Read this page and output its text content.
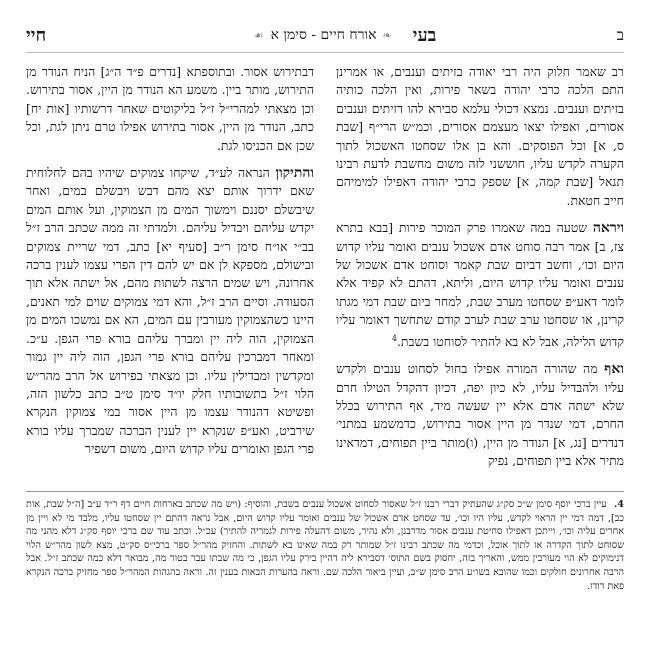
ב
בעי
❧
אורח חיים - סימן א
☙
חיי

רב שאמר חלוק היה רבי יאודה בזיתים וענבים, או אמרינן התם הלכה כרבי יהודה בשאר פירות, ואין הלכה כותיה בזיתים וענבים. נמצא דכולי עלמא סבירא להו דזיתים וענבים אסורים, ואפילו יצאו מעצמם אסורים, וכמ״ש הרי״ף [שבת ס, א] וכל הפוסקים. והא בן אלו שסחטו האשכול לתוך הקערה לקדש עליו, חוששני לזה משום מחשבת לדעת רבינו תנאל [שבת קמה, א] שספק כרבי יהודה דאפילו למימיהם חייב חטאת.

ויראה שטעה במה שאמרו פרק המוכר פירות [בבא בתרא צז, ב] אמר רבה סוחט אדם אשכול ענבים ואומר עליו קדוש היום וכו׳, וחשב דביום שבת קאמר וסוחט אדם אשכול של ענבים ואומר עליו קדוש היום, וליתא, דהתם לא קפיד אלא לומר דאע״פ שסחטו מערב שבת, למחר ביום שבת דמי מגתו קרינן, או שסחטו ערב שבת לערב קודם שתחשך דאומר עליו קדוש הלילה, אבל לא בא להתיר לסוחטו בשבת.$^4$

ואף מה שהורה המורה אפילו בחול לסחוט ענבים ולקדש עליו ולהבדיל עליו, לא כיון יפה, דכיון דהקדל הטילו חרם שלא ישתה אדם אלא יין שעשה מיד, אף התירוש בכלל החרם, דמי שנדר מן היין אסור בתירוש, כדמשמע במתני׳ דנדרים [נג, א] הנודר מן היין, (ו)מותר ביין תפוחים, דמדאינו מתיר אלא ביין תפוחים, נפיק

דבתירוש אסור. ובתוספתא [נדרים פ״ד ה״ג] הניח הנודר מן התירוש, מותר ביין. משמע הא הנודר מן היין, אסור בתירוש. וכן מצאתי למהרי״ל ז״ל בליקוטים שאחר דרשותיו [אות יח] כתב, הנודר מן היין, אסור בתירוש אפילו טרם ניתן לגת, וכל שכן אם הכניסו לגת.

והתיקון הנראה לע״ד, שיקחו צמוקים שיהיו בהם לחלוחית שאם ידרוך אותם יצא מהם דבש ויבשלם במים, ואחר שיבשלם יסננם וימשוך המים מן הצמוקין, ועל אותם המים יקדש עליהם ויבדיל עליהם. ולמדתי זה ממה שכתב הרב ז״ל בב״י או״ח סימן ר״ב [סעיף יא] כתב, דמי שריית צמוקים ובישולם, מספקא לן אם יש להם דין הפרי עצמו לענין ברכה אחרונה, ויש שמים הרצה לשתות מהם, אל ישתה אלא תוך הסעודה. וסיים הרב ז״ל, והא דמי צמוקים שוים למי תאנים, היינו כשהצמוקין מעורבין עם המים, הא אם נמשכו המים מן הצמוקין, הוה ליה יין ומברך עליהם בורא פרי הגפן. ע״כ. ומאחר דמברכין עליהם בורא פרי הגפן, הוה ליה יין גמור ומקדשין ומבדילין עליו. וכן מצאתי בפירוש אל הרב מהר״ש הלוי ז״ל בתשובותיו חלק יו״ד סימן ט״ב כתב כלשון הזה, ופשיטא דהנודר עצמו מן היין אסור במי צמוקין הנקרא שירביט, ואע״פ שנקרא יין לענין הברכה שמברך עליו בורא פרי הגפן ואומרים עליו קדוש היום, משום דשפיר

4. עיין ברכי יוסף סימן ש״כ סק״ג שהעתיק דברי רבנו ז״ל שאסור לסחוט אשכול ענבים בשבת, והוסיף: (ויש מה שכתב בארחות חיים דף ר״ד ע״ב [ה״ל שבת, אות כב], דמה דמי יין הראוי לקדש, עליו היו וכו׳, עד שסחט אדם אשכול של ענבים ואומר עליו קדוש היום, אבל נראה דהתם יין שסחטו עליו, מלבד מי לא ויין מן אחרים עליה וכו׳, וייתכן דאפילו סחיטת ענבים אסור מדרבנן, ולא נהיר, משום דהעלה פירות לגמריה להתיר) עכ״ל. וכתב עוד שם ברכי יוסף סק״ג דלא מהני מה שסוחט לתוך הקדרה או לתוך אוכל, וכדמי מה שכתב רבינו ז״ל שמותר רק במה שאינו בא לשתות. והחזיק מהר״ל ספר ברכי״ס סק״ט, מצא לשון מהר״ש הלוי דנימוקים לא הוי מעורבין ממש, והאריך בזה, יחסוק בשם התוס׳ דסבירא ליה דהיין בירק עליו הגפן, כי מה שבתו עבר בטור מה, מבואר דלא כמה שכתב ז״ל. אבל הרבה אחרונים חולקים וכמו שהובא בשו״ע הרב סימן ש״כ, ועיין ביאור הלכה שם. וראה בהערות הבאות בענין זה. וראה בהגהות המהר״ל ספר מחזיק ברכה הנקרא פאת דודו.
